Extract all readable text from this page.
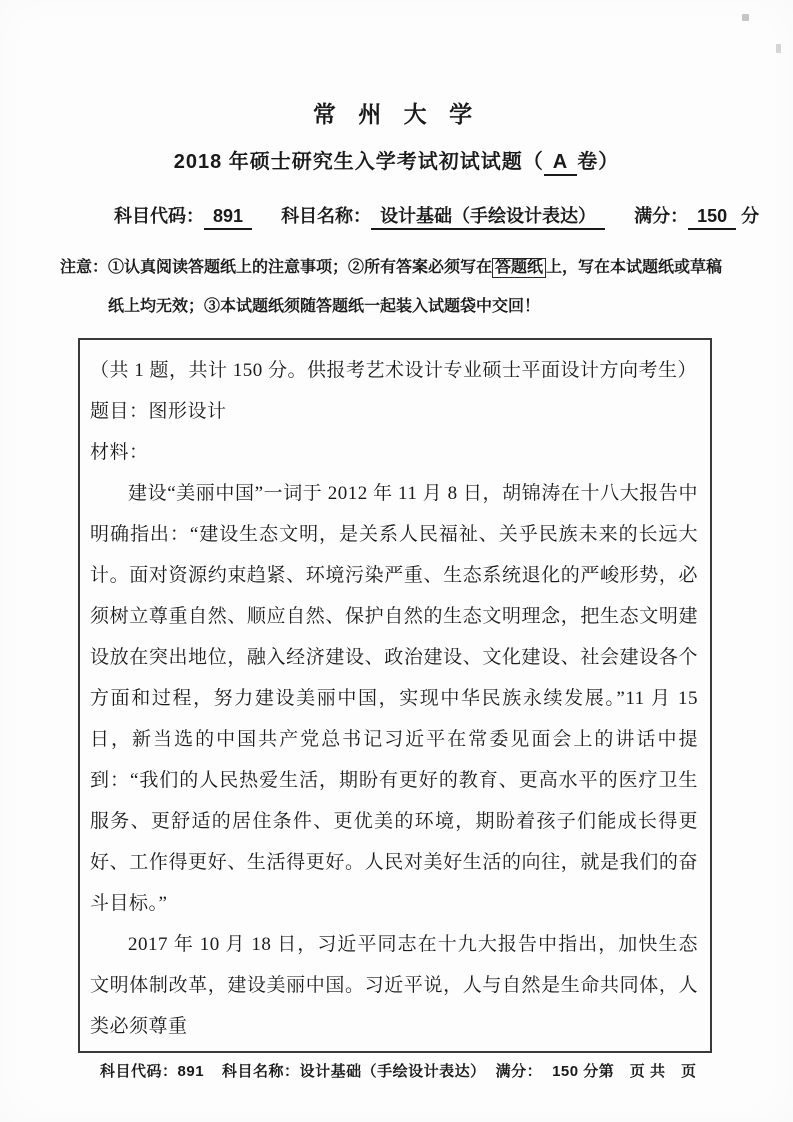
常 州 大 学
2018 年硕士研究生入学考试初试试题（ A 卷）
科目代码： 891 科目名称： 设计基础（手绘设计表达） 满分： 150 分
注意： ①认真阅读答题纸上的注意事项；②所有答案必须写在 答题纸 上，写在本试题纸或草稿
纸上均无效；③本试题纸须随答题纸一起装入试题袋中交回！
（共 1 题，共计 150 分。供报考艺术设计专业硕士平面设计方向考生）
题目：图形设计
材料：

建设“美丽中国”一词于 2012 年 11 月 8 日，胡锦涛在十八大报告中明确指出：“建设生态文明，是关系人民福祉、关乎民族未来的长远大计。面对资源约束趋紧、环境污染严重、生态系统退化的严峻形势，必须树立尊重自然、顺应自然、保护自然的生态文明理念，把生态文明建设放在突出地位，融入经济建设、政治建设、文化建设、社会建设各个方面和过程，努力建设美丽中国，实现中华民族永续发展。”11 月 15 日，新当选的中国共产党总书记习近平在常委见面会上的讲话中提到：“我们的人民热爱生活，期盼有更好的教育、更高水平的医疗卫生服务、更舒适的居住条件、更优美的环境，期盼着孩子们能成长得更好、工作得更好、生活得更好。人民对美好生活的向往，就是我们的奋斗目标。”

2017 年 10 月 18 日，习近平同志在十九大报告中指出，加快生态文明体制改革，建设美丽中国。习近平说，人与自然是生命共同体，人类必须尊重

科目代码：891 科目名称：设计基础（手绘设计表达） 满分： 150 分第　页 共　页
